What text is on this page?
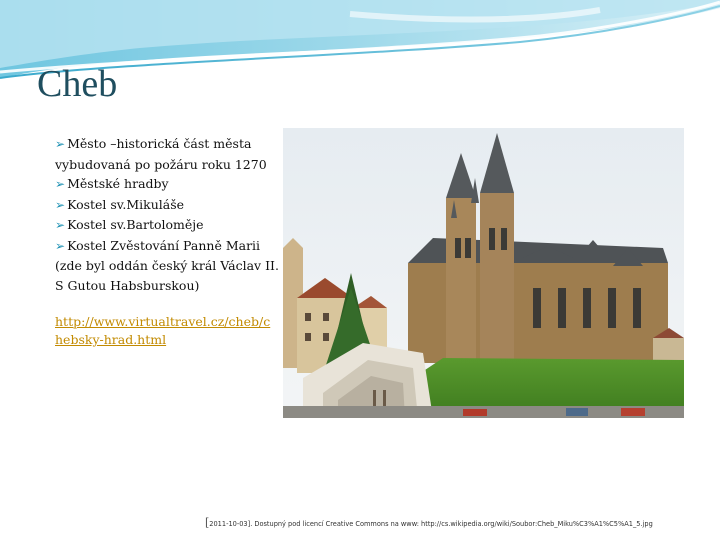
Cheb
➢ Město –historická část města
vybudovaná po požáru roku 1270
➢ Městské hradby
➢ Kostel sv.Mikuláše
➢ Kostel sv.Bartoloměje
➢ Kostel Zvěstování Panně Marii
(zde byl oddán český král Václav II.
S Gutou Habsburskou)
http://www.virtualtravel.cz/cheb/c
hebsky-hrad.html
[2011-10-03]. Dostupný pod licencí Creative Commons na www: http://cs.wikipedia.org/wiki/Soubor:Cheb_Miku%C3%A1%C5%A1_5.jpg
